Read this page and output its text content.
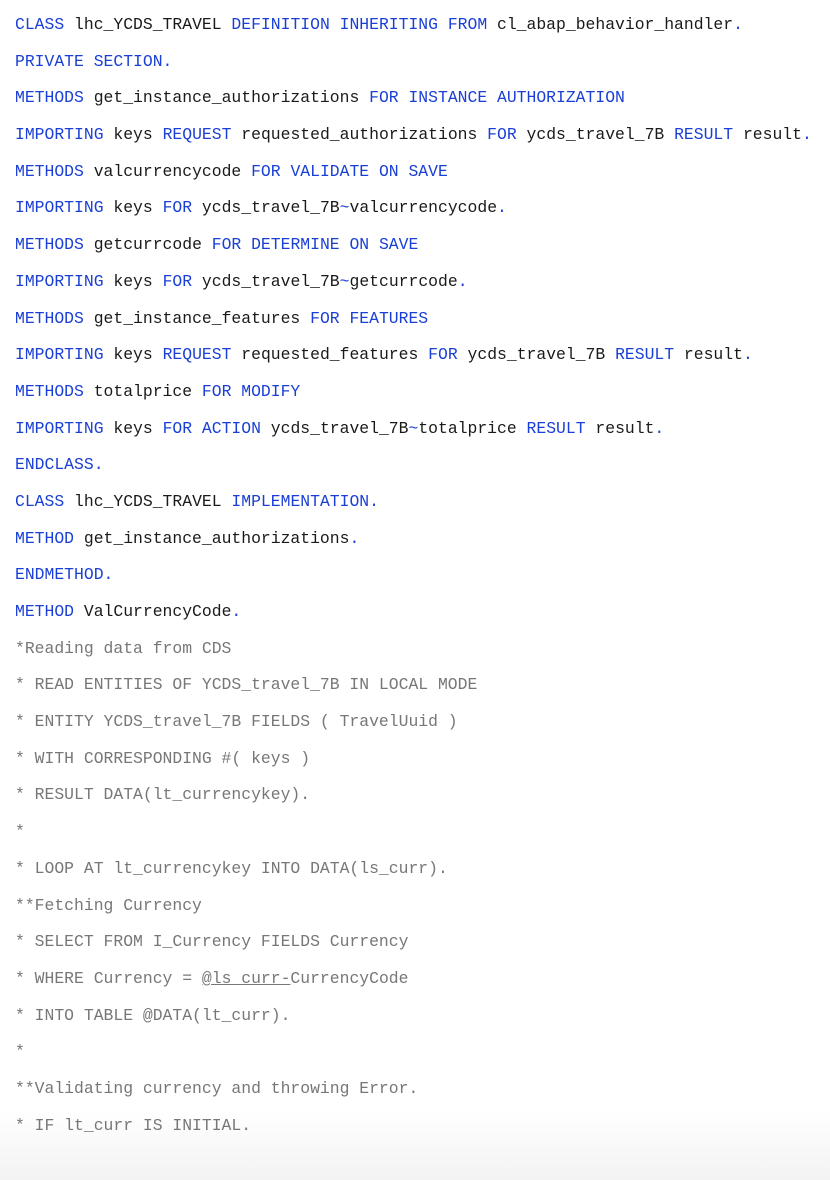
CLASS lhc_YCDS_TRAVEL DEFINITION INHERITING FROM cl_abap_behavior_handler.
PRIVATE SECTION.
METHODS get_instance_authorizations FOR INSTANCE AUTHORIZATION
IMPORTING keys REQUEST requested_authorizations FOR ycds_travel_7B RESULT result.
METHODS valcurrencycode FOR VALIDATE ON SAVE
IMPORTING keys FOR ycds_travel_7B~valcurrencycode.
METHODS getcurrcode FOR DETERMINE ON SAVE
IMPORTING keys FOR ycds_travel_7B~getcurrcode.
METHODS get_instance_features FOR FEATURES
IMPORTING keys REQUEST requested_features FOR ycds_travel_7B RESULT result.
METHODS totalprice FOR MODIFY
IMPORTING keys FOR ACTION ycds_travel_7B~totalprice RESULT result.
ENDCLASS.
CLASS lhc_YCDS_TRAVEL IMPLEMENTATION.
METHOD get_instance_authorizations.
ENDMETHOD.
METHOD ValCurrencyCode.
*Reading data from CDS
* READ ENTITIES OF YCDS_travel_7B IN LOCAL MODE
* ENTITY YCDS_travel_7B FIELDS ( TravelUuid )
* WITH CORRESPONDING #( keys )
* RESULT DATA(lt_currencykey).
*
* LOOP AT lt_currencykey INTO DATA(ls_curr).
**Fetching Currency
* SELECT FROM I_Currency FIELDS Currency
* WHERE Currency = @ls_curr-CurrencyCode
* INTO TABLE @DATA(lt_curr).
*
**Validating currency and throwing Error.
* IF lt_curr IS INITIAL.
